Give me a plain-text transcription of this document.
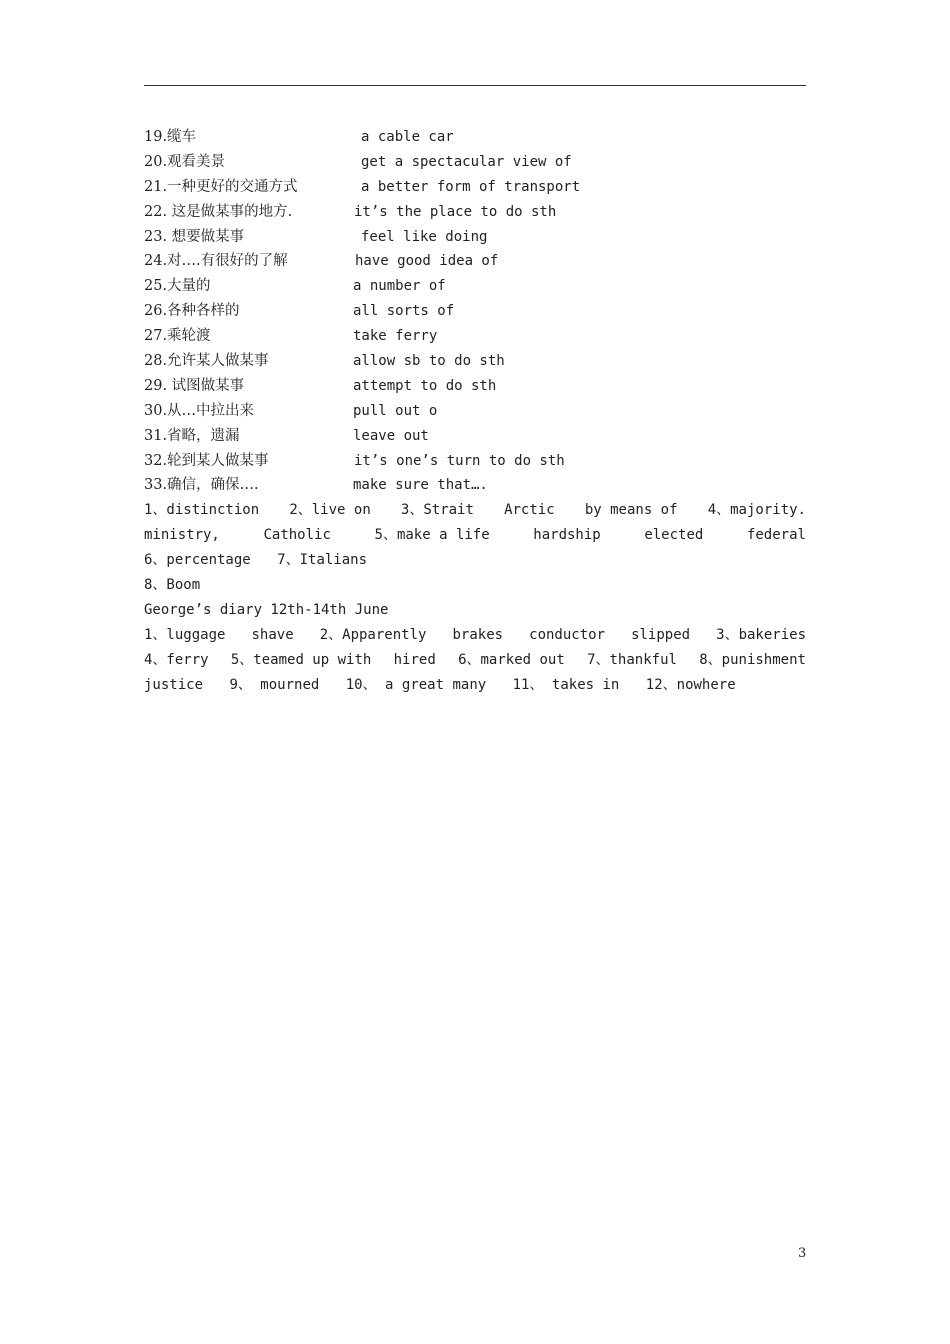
19.缆车	a cable car
20.观看美景	get a spectacular view of
21.一种更好的交通方式	a better form of transport
22. 这是做某事的地方.	it’s the place to do sth
23. 想要做某事	feel like doing
24.对….有很好的了解	have good idea of
25.大量的	a number of
26.各种各样的	all sorts of
27.乘轮渡	take ferry
28.允许某人做某事	allow sb to do sth
29. 试图做某事	attempt to do sth
30.从…中拉出来	pull out o
31.省略，遗漏	leave out
32.轮到某人做某事	it’s one’s turn to do sth
33.确信，确保….	make sure that….
1、distinction 2、live on 3、Strait Arctic by means of 4、majority.
ministry,	Catholic	5、make a life	hardship	elected	federal
6、percentage 7、Italians
8、Boom
George’s diary 12th-14th June
1、luggage shave 2、Apparently brakes conductor slipped 3、bakeries
4、ferry 5、teamed up with hired 6、marked out 7、thankful 8、punishment
justice 9、 mourned 10、 a great many 11、 takes in 12、nowhere
3
